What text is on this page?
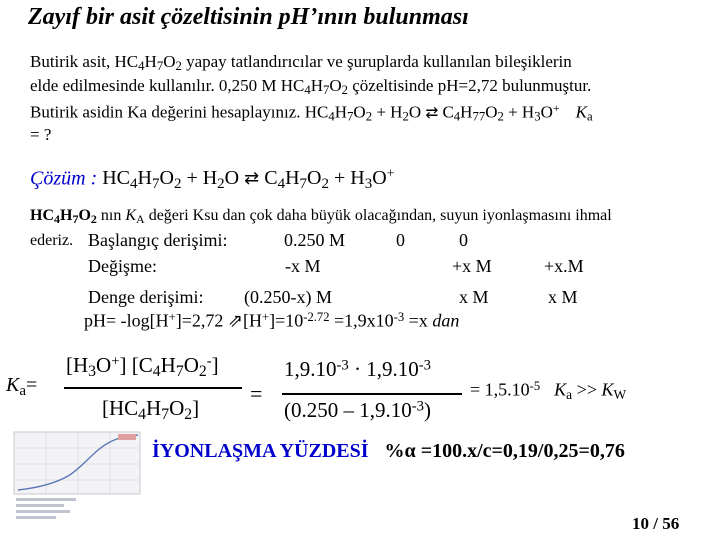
Zayıf bir asit çözeltisinin pH’ının bulunması
Butirik asit, $HC_4H_7O_2$ yapay tatlandırıcılar ve şuruplarda kullanılan bileşiklerin
elde edilmesinde kullanılır. 0,250 M $HC_4H_7O_2$ çözeltisinde pH=2,72 bulunmuştur.
Butirik asidin Ka değerini hesaplayınız. $HC_4H_7O_2 + H_2O$ ⇄ $C_4H_{77}O_2 + H_3O^+$ $K_a$
= ?
Çözüm : $HC_4H_7O_2 + H_2O$ ⇄ $C_4H_7O_2 + H_3O^+$
$HC_4H_7O_2$ nın $K_A$ değeri Ksu dan çok daha büyük olacağından, suyun iyonlaşmasını ihmal
ederiz. Başlangıç derişimi:	0.250 M	0	0
Değişme:	-x M	+x M	+x.M
Denge derişimi: (0.250-x) M	x M	x M
pH= -log[H+]=2,72 $⇗[H^+]=10^{-2.72} =1,9x10^{-3} =x$ dan
$K_a=$
$[H_3O^+]$ $[C_4H_7O_2^-]$
$[HC_4H_7O_2]$
=
$1,9.10^{-3} \cdot 1,9.10^{-3}$
$(0.250 - 1,9.10^{-3})$
= $1,5.10^{-5}$ $K_a >> K_W$
İYONLAŞMA YÜZDESİ %α =100.x/c=0,19/0,25=0,76
10 / 56
